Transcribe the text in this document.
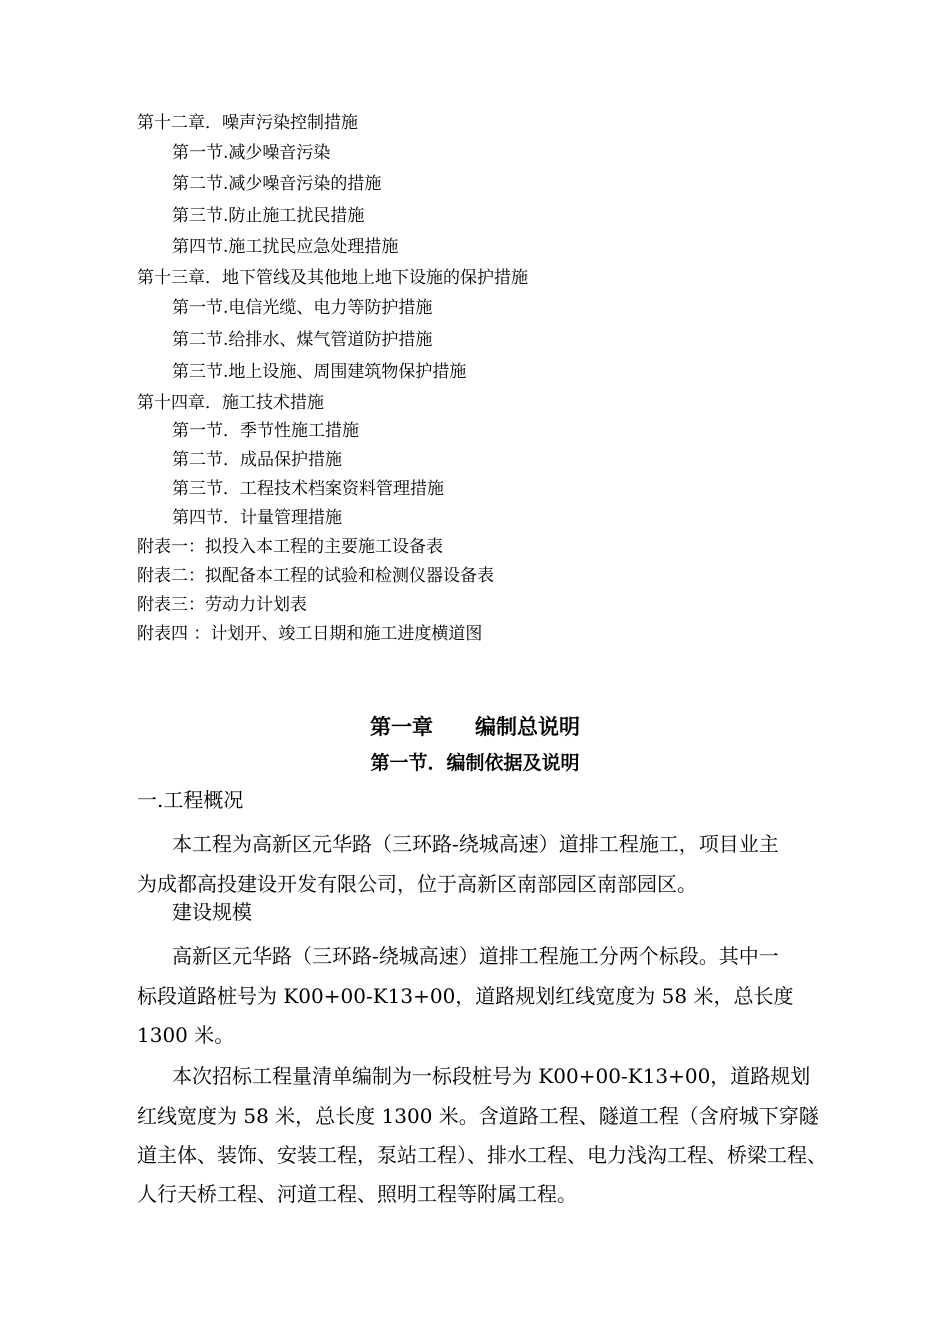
第十二章．噪声污染控制措施
第一节.减少噪音污染
第二节.减少噪音污染的措施
第三节.防止施工扰民措施
第四节.施工扰民应急处理措施
第十三章．地下管线及其他地上地下设施的保护措施
第一节.电信光缆、电力等防护措施
第二节.给排水、煤气管道防护措施
第三节.地上设施、周围建筑物保护措施
第十四章．施工技术措施
第一节．季节性施工措施
第二节．成品保护措施
第三节．工程技术档案资料管理措施
第四节．计量管理措施
附表一：拟投入本工程的主要施工设备表
附表二：拟配备本工程的试验和检测仪器设备表
附表三：劳动力计划表
附表四 ：计划开、竣工日期和施工进度横道图
第一章　　编制总说明
第一节．编制依据及说明
一.工程概况
本工程为高新区元华路（三环路-绕城高速）道排工程施工，项目业主
为成都高投建设开发有限公司，位于高新区南部园区南部园区。
建设规模
高新区元华路（三环路-绕城高速）道排工程施工分两个标段。其中一
标段道路桩号为 K00+00-K13+00，道路规划红线宽度为 58 米，总长度
1300 米。
本次招标工程量清单编制为一标段桩号为 K00+00-K13+00，道路规划
红线宽度为 58 米，总长度 1300 米。含道路工程、隧道工程（含府城下穿隧
道主体、装饰、安装工程，泵站工程）、排水工程、电力浅沟工程、桥梁工程、
人行天桥工程、河道工程、照明工程等附属工程。
